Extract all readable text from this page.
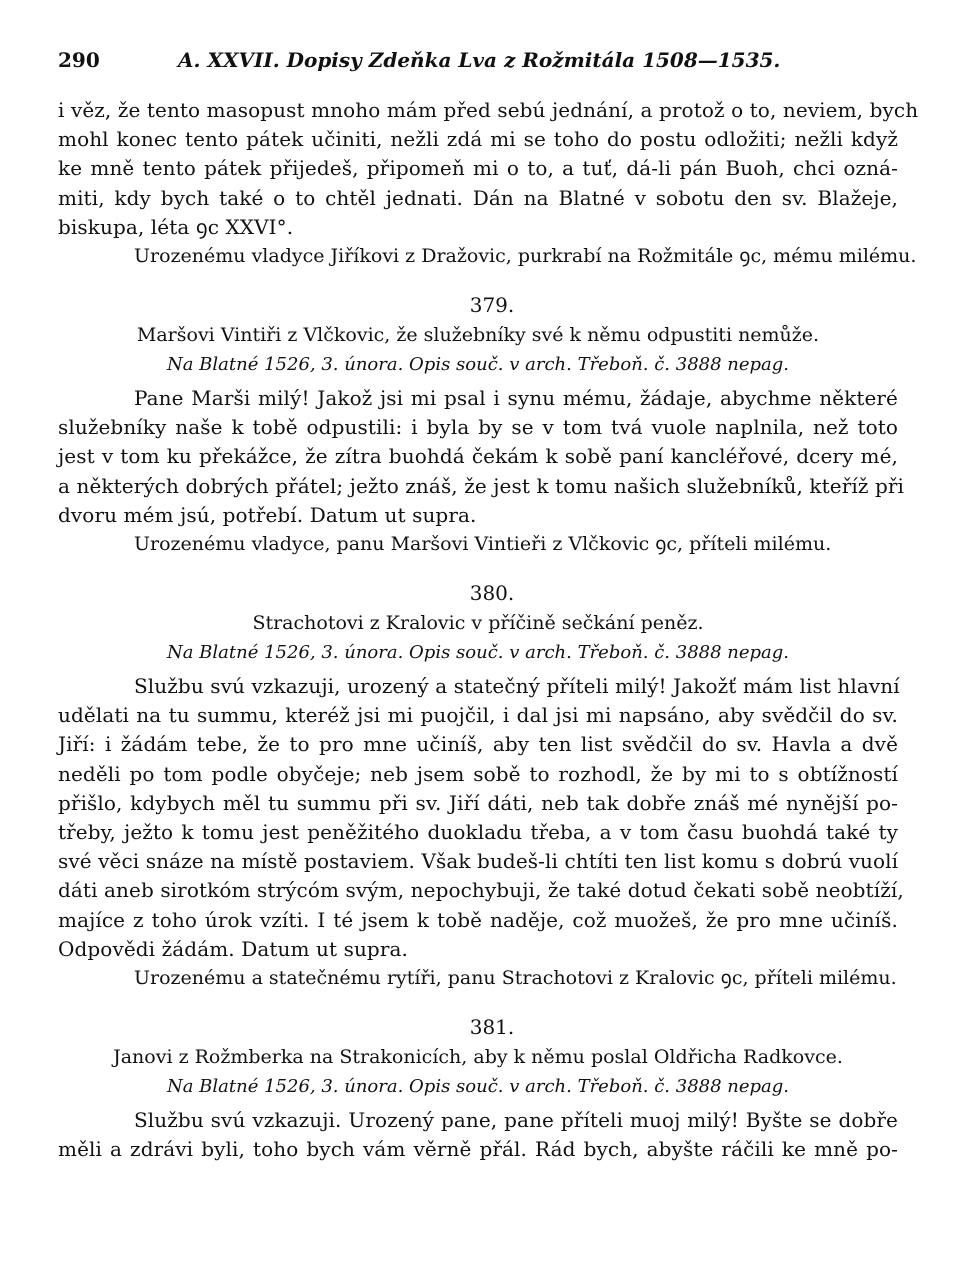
290	A. XXVII. Dopisy Zdeňka Lva z Rožmitála 1508—1535.
i věz, že tento masopust mnoho mám před sebú jednání, a protož o to, neviem, bych
mohl konec tento pátek učiniti, nežli zdá mi se toho do postu odložiti; nežli když
ke mně tento pátek přijedeš, připomeň mi o to, a tuť, dá-li pán Buoh, chci ozná-
miti, kdy bych také o to chtěl jednati. Dán na Blatné v sobotu den sv. Blažeje,
biskupa, léta ꝯc XXVI°.
Urozenému vladyce Jiříkovi z Dražovic, purkrabí na Rožmitále ꝯc, mému milému.
379.
Maršovi Vintiři z Vlčkovic, že služebníky své k němu odpustiti nemůže.
Na Blatné 1526, 3. února. Opis souč. v arch. Třeboň. č. 3888 nepag.
Pane Marši milý! Jakož jsi mi psal i synu mému, žádaje, abychme některé
služebníky naše k tobě odpustili: i byla by se v tom tvá vuole naplnila, než toto
jest v tom ku překážce, že zítra buohdá čekám k sobě paní kancléřové, dcery mé,
a některých dobrých přátel; ježto znáš, že jest k tomu našich služebníků, kteříž při
dvoru mém jsú, potřebí. Datum ut supra.
Urozenému vladyce, panu Maršovi Vintieři z Vlčkovic ꝯc, příteli milému.
380.
Strachotovi z Kralovic v příčině sečkání peněz.
Na Blatné 1526, 3. února. Opis souč. v arch. Třeboň. č. 3888 nepag.
Službu svú vzkazuji, urozený a statečný příteli milý! Jakožť mám list hlavní
udělati na tu summu, kteréž jsi mi puojčil, i dal jsi mi napsáno, aby svědčil do sv.
Jiří: i žádám tebe, že to pro mne učiníš, aby ten list svědčil do sv. Havla a dvě
neděli po tom podle obyčeje; neb jsem sobě to rozhodl, že by mi to s obtížností
přišlo, kdybych měl tu summu při sv. Jiří dáti, neb tak dobře znáš mé nynější po-
třeby, ježto k tomu jest peněžitého duokladu třeba, a v tom času buohdá také ty
své věci snáze na místě postaviem. Však budeš-li chtíti ten list komu s dobrú vuolí
dáti aneb sirotkóm strýcóm svým, nepochybuji, že také dotud čekati sobě neobtíží,
majíce z toho úrok vzíti. I té jsem k tobě naděje, což muožeš, že pro mne učiníš.
Odpovědi žádám. Datum ut supra.
Urozenému a statečnému rytíři, panu Strachotovi z Kralovic ꝯc, příteli milému.
381.
Janovi z Rožmberka na Strakonicích, aby k němu poslal Oldřicha Radkovce.
Na Blatné 1526, 3. února. Opis souč. v arch. Třeboň. č. 3888 nepag.
Službu svú vzkazuji. Urozený pane, pane příteli muoj milý! Byšte se dobře
měli a zdrávi byli, toho bych vám věrně přál. Rád bych, abyšte ráčili ke mně po-
